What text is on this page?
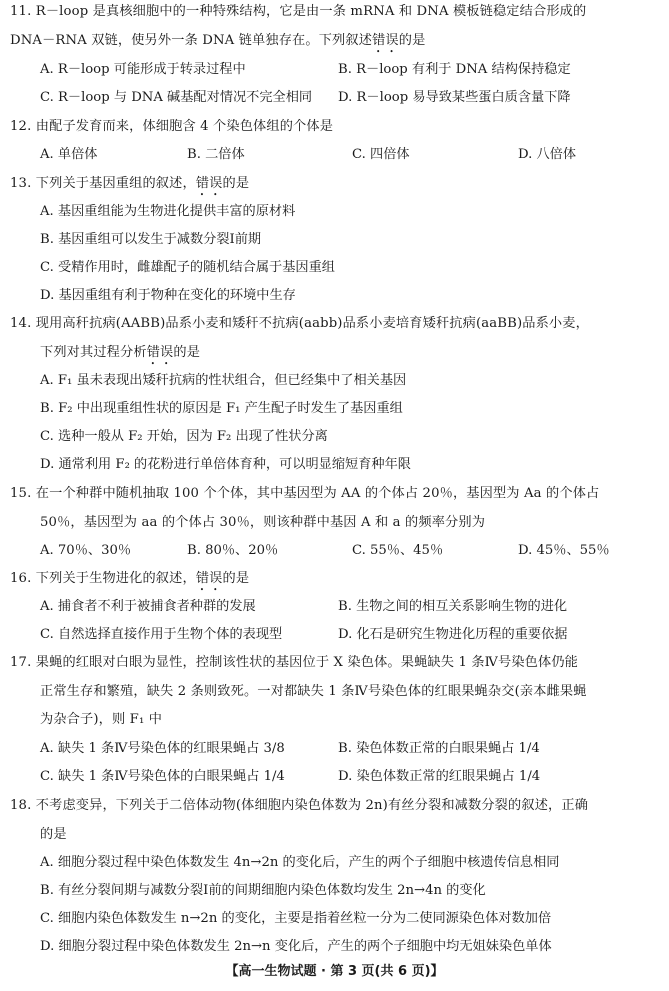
11. R－loop 是真核细胞中的一种特殊结构，它是由一条 mRNA 和 DNA 模板链稳定结合形成的
DNA－RNA 双链，使另外一条 DNA 链单独存在。下列叙述错误的是
A. R－loop 可能形成于转录过程中	B. R－loop 有利于 DNA 结构保持稳定
C. R－loop 与 DNA 碱基配对情况不完全相同 D. R－loop 易导致某些蛋白质含量下降
12. 由配子发育而来，体细胞含 4 个染色体组的个体是
A. 单倍体	B. 二倍体	C. 四倍体	D. 八倍体
13. 下列关于基因重组的叙述，错误的是
A. 基因重组能为生物进化提供丰富的原材料
B. 基因重组可以发生于减数分裂Ⅰ前期
C. 受精作用时，雌雄配子的随机结合属于基因重组
D. 基因重组有利于物种在变化的环境中生存
14. 现用高秆抗病(AABB)品系小麦和矮秆不抗病(aabb)品系小麦培育矮秆抗病(aaBB)品系小麦，
下列对其过程分析错误的是
A. F₁ 虽未表现出矮秆抗病的性状组合，但已经集中了相关基因
B. F₂ 中出现重组性状的原因是 F₁ 产生配子时发生了基因重组
C. 选种一般从 F₂ 开始，因为 F₂ 出现了性状分离
D. 通常利用 F₂ 的花粉进行单倍体育种，可以明显缩短育种年限
15. 在一个种群中随机抽取 100 个个体，其中基因型为 AA 的个体占 20％，基因型为 Aa 的个体占
50％，基因型为 aa 的个体占 30％，则该种群中基因 A 和 a 的频率分别为
A. 70％、30％	B. 80％、20％	C. 55％、45％	D. 45％、55％
16. 下列关于生物进化的叙述，错误的是
A. 捕食者不利于被捕食者种群的发展	B. 生物之间的相互关系影响生物的进化
C. 自然选择直接作用于生物个体的表现型	D. 化石是研究生物进化历程的重要依据
17. 果蝇的红眼对白眼为显性，控制该性状的基因位于 X 染色体。果蝇缺失 1 条Ⅳ号染色体仍能
正常生存和繁殖，缺失 2 条则致死。一对都缺失 1 条Ⅳ号染色体的红眼果蝇杂交(亲本雌果蝇
为杂合子)，则 F₁ 中
A. 缺失 1 条Ⅳ号染色体的红眼果蝇占 3/8	B. 染色体数正常的白眼果蝇占 1/4
C. 缺失 1 条Ⅳ号染色体的白眼果蝇占 1/4	D. 染色体数正常的红眼果蝇占 1/4
18. 不考虑变异，下列关于二倍体动物(体细胞内染色体数为 2n)有丝分裂和减数分裂的叙述，正确
的是
A. 细胞分裂过程中染色体数发生 4n→2n 的变化后，产生的两个子细胞中核遗传信息相同
B. 有丝分裂间期与减数分裂Ⅰ前的间期细胞内染色体数均发生 2n→4n 的变化
C. 细胞内染色体数发生 n→2n 的变化，主要是指着丝粒一分为二使同源染色体对数加倍
D. 细胞分裂过程中染色体数发生 2n→n 变化后，产生的两个子细胞中均无姐妹染色单体
【高一生物试题 · 第 3 页(共 6 页)】
